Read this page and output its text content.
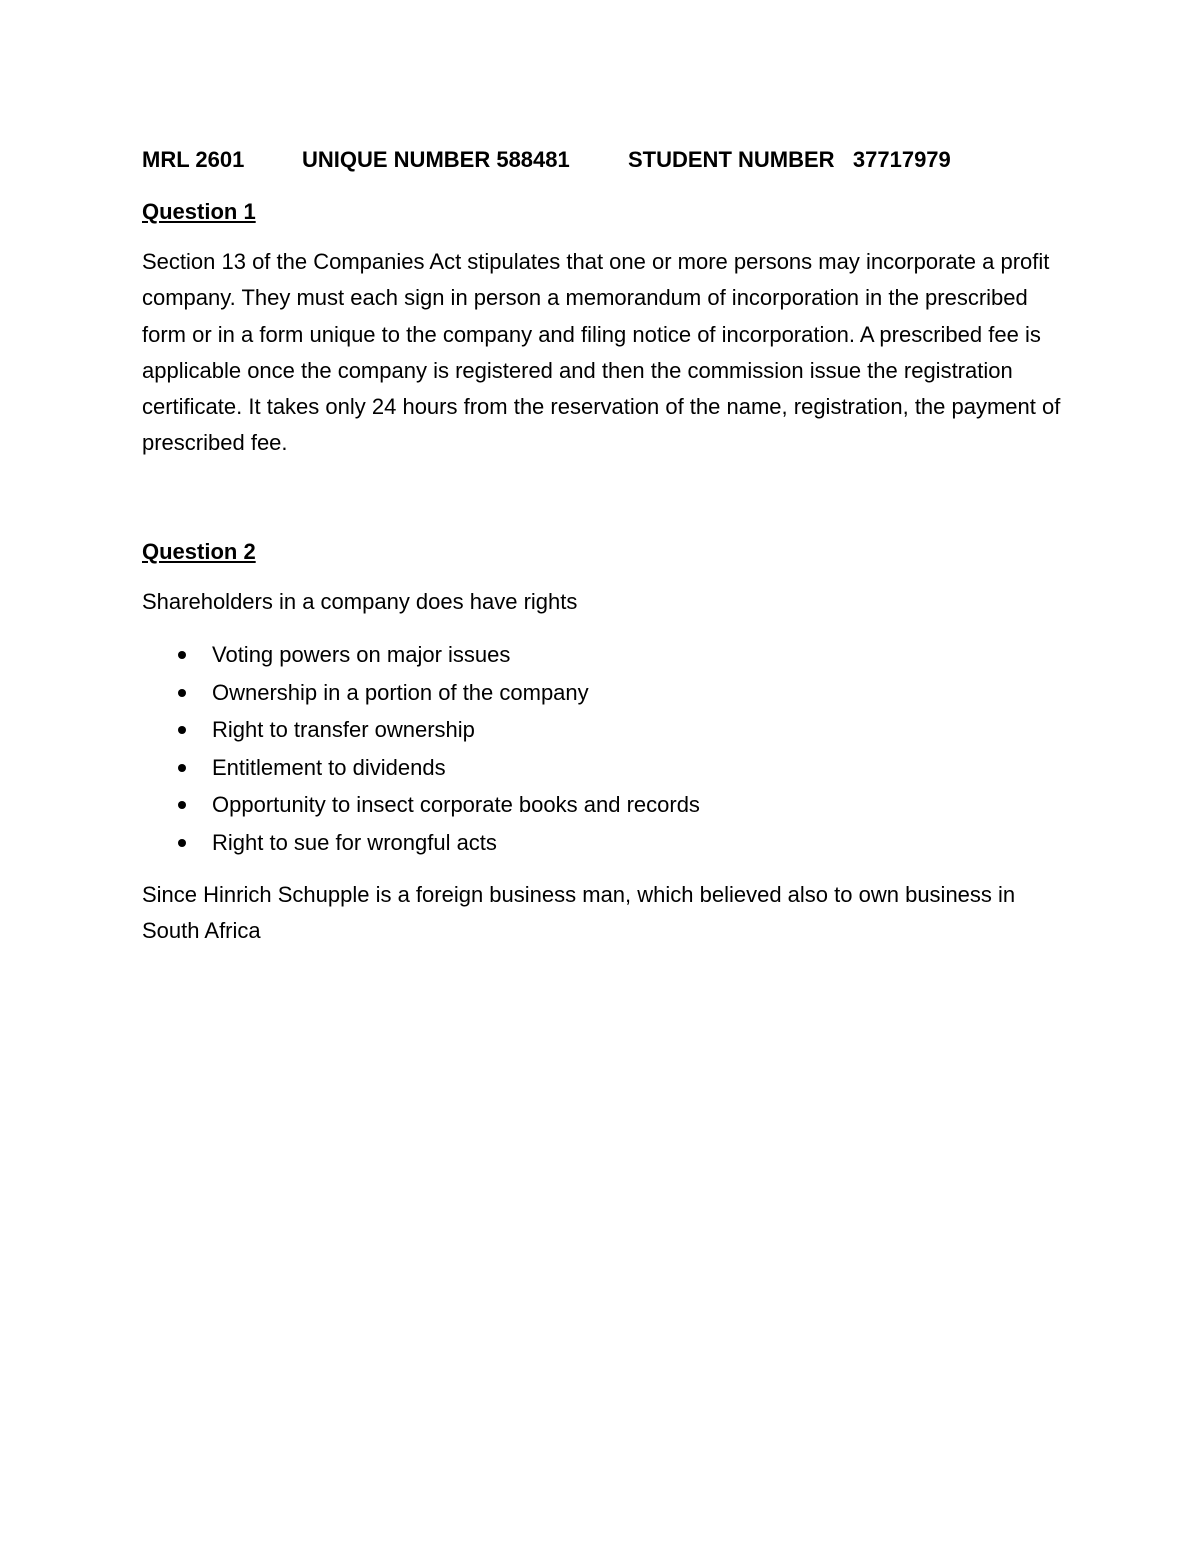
MRL 2601	UNIQUE NUMBER 588481	STUDENT NUMBER   37717979
Question 1

Section 13 of the Companies Act stipulates that one or more persons may incorporate a profit company. They must each sign in person a memorandum of incorporation in the prescribed form or in a form unique to the company and filing notice of incorporation. A prescribed fee is applicable once the company is registered and then the commission issue the registration certificate. It takes only 24 hours from the reservation of the name, registration, the payment of prescribed fee.

Question 2

Shareholders in a company does have rights

Voting powers on major issues
Ownership in a portion of the company
Right to transfer ownership
Entitlement to dividends
Opportunity to insect corporate books and records
Right to sue for wrongful acts

Since Hinrich Schupple is a foreign business man, which believed also to own business in South Africa
